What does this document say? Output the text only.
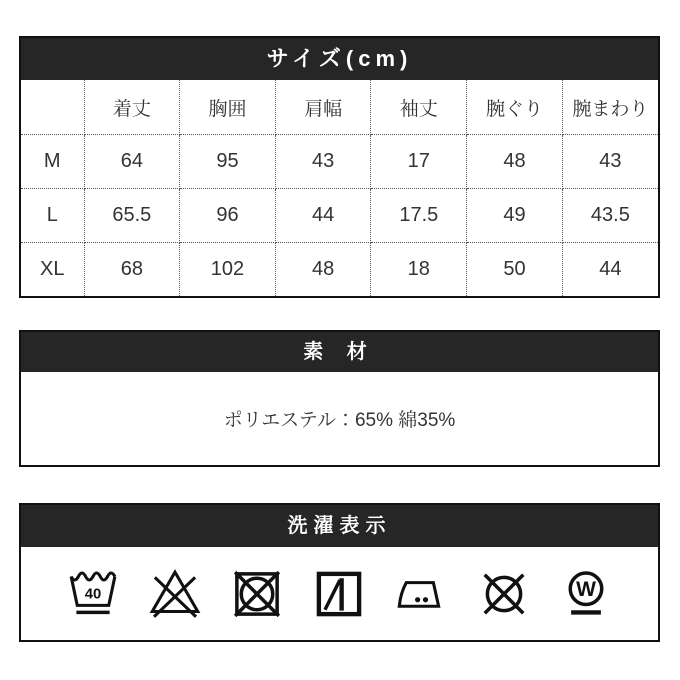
サイズ(cm)
	着丈	胸囲	肩幅	袖丈	腕ぐり	腕まわり
M	64	95	43	17	48	43
L	65.5	96	44	17.5	49	43.5
XL	68	102	48	18	50	44
素 材
ポリエステル：65% 綿35%
洗濯表示
40	W
